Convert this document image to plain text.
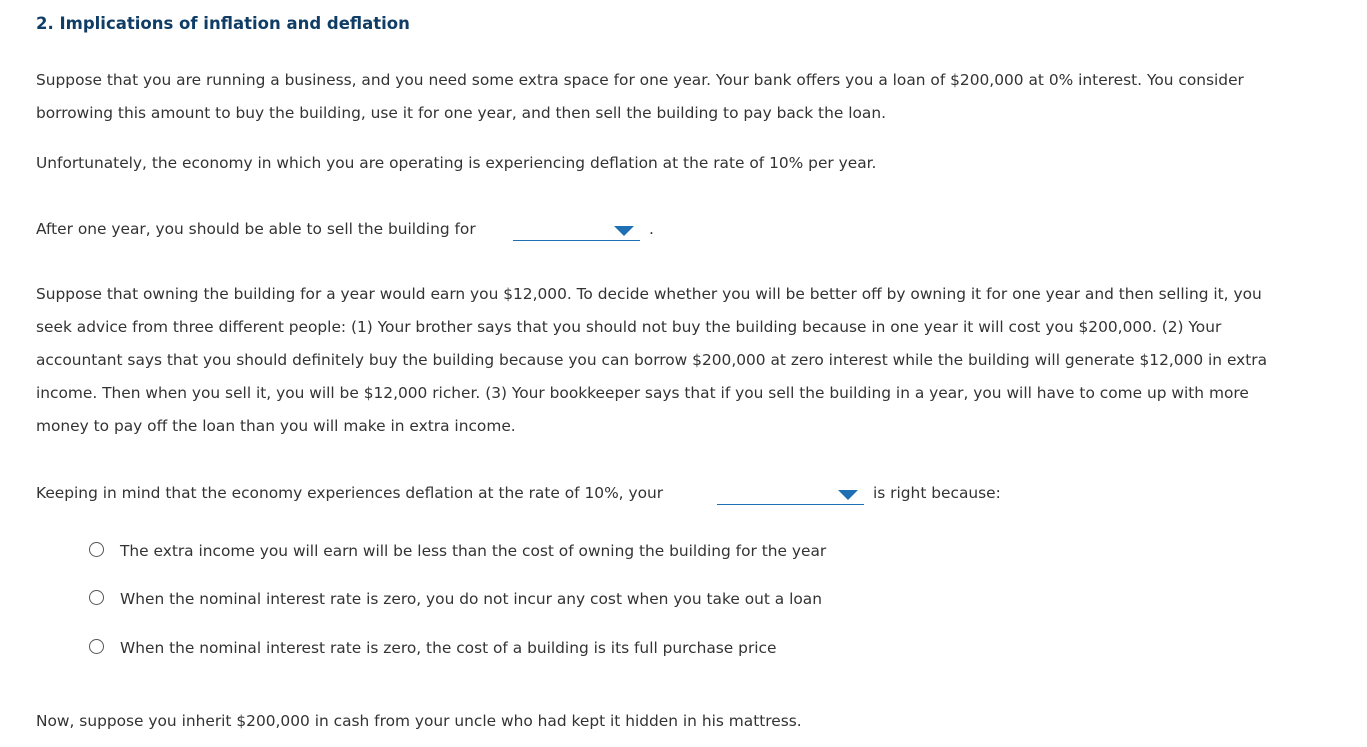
2. Implications of inflation and deflation

Suppose that you are running a business, and you need some extra space for one year. Your bank offers you a loan of $200,000 at 0% interest. You consider borrowing this amount to buy the building, use it for one year, and then sell the building to pay back the loan.

Unfortunately, the economy in which you are operating is experiencing deflation at the rate of 10% per year.
After one year, you should be able to sell the building for	.

Suppose that owning the building for a year would earn you $12,000. To decide whether you will be better off by owning it for one year and then selling it, you seek advice from three different people: (1) Your brother says that you should not buy the building because in one year it will cost you $200,000. (2) Your accountant says that you should definitely buy the building because you can borrow $200,000 at zero interest while the building will generate $12,000 in extra income. Then when you sell it, you will be $12,000 richer. (3) Your bookkeeper says that if you sell the building in a year, you will have to come up with more money to pay off the loan than you will make in extra income.

Keeping in mind that the economy experiences deflation at the rate of 10%, your	is right because:
The extra income you will earn will be less than the cost of owning the building for the year
When the nominal interest rate is zero, you do not incur any cost when you take out a loan
When the nominal interest rate is zero, the cost of a building is its full purchase price
Now, suppose you inherit $200,000 in cash from your uncle who had kept it hidden in his mattress.
